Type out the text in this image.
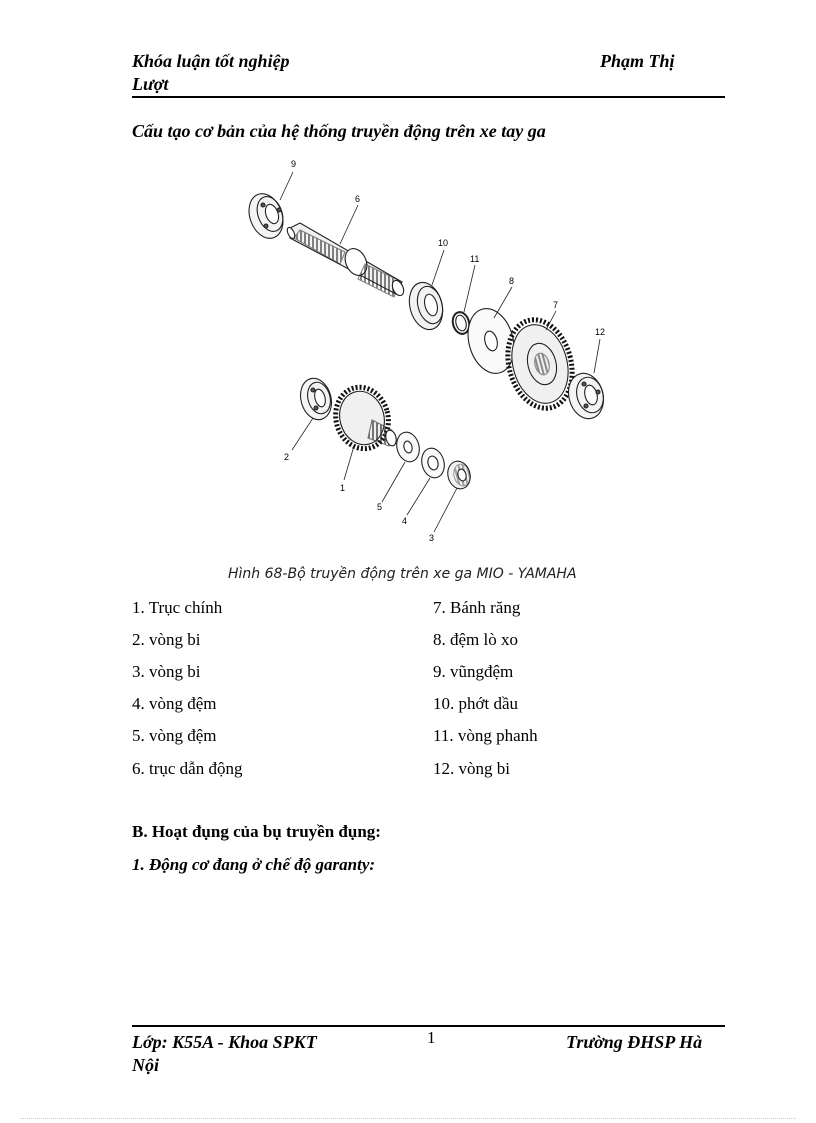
Khóa luận tốt nghiệp
Lượt
Phạm Thị
Cấu tạo cơ bản của hệ thống truyền động trên xe tay ga
9
6
10
11
8
7
12
2
1
5
4
3
Hình 68-Bộ truyền động trên xe ga MIO - YAMAHA
1. Trục chính
2. vòng bi
3. vòng bi
4. vòng đệm
5. vòng đệm
6. trục dẫn động
7. Bánh răng
8. đệm lò xo
9. vũngđệm
10. phớt dầu
11. vòng phanh
12. vòng bi
B. Hoạt đụng của bụ truyền đụng:
1. Động cơ đang ở chế độ garanty:
Lớp: K55A - Khoa SPKT
Nội
1	Trường ĐHSP Hà
